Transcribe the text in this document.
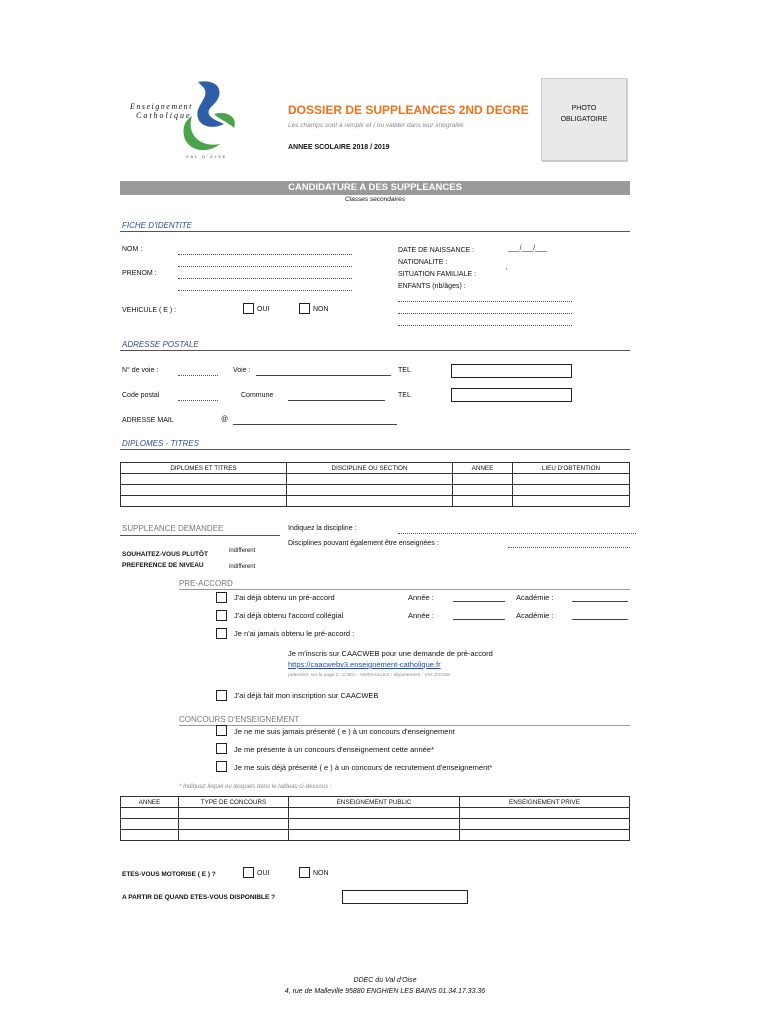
Enseignement
Catholique
VAL D'OISE
DOSSIER DE SUPPLEANCES 2ND DEGRE
Les champs sont à remplir et / ou valider dans leur intégralité
ANNEE SCOLAIRE 2018 / 2019
PHOTO
OBLIGATOIRE
CANDIDATURE A DES SUPPLEANCES
Classes secondaires
FICHE D'IDENTITE
NOM :
PRENOM :
DATE DE NAISSANCE :	___/___/___
NATIONALITE :
SITUATION FAMILIALE :	'
ENFANTS (nb/âges) :
VEHICULE ( E ) :	OUI	NON
ADRESSE POSTALE
N° de voie :	Voie :	TEL
Code postal	Commune	TEL
ADRESSE MAIL	@
DIPLOMES - TITRES
DIPLOMES ET TITRES	DISCIPLINE OU SECTION	ANNEE	LIEU D'OBTENTION

SUPPLEANCE DEMANDEE	Indiquez la discipline :
Disciplines pouvant également être enseignées :
SOUHAITEZ-VOUS PLUTÔT
PREFERENCE DE NIVEAU
indifferent
indifferent
PRE-ACCORD
J'ai déjà obtenu un pré-accord	Année :	Académie :
J'ai déjà obtenu l'accord collégial	Année :	Académie :
Je n'ai jamais obtenu le pré-accord :
Je m'inscris sur CAACWEB pour une demande de pré-accord
https://caacwebv3.enseignement-catholique.fr
(attention: sur la page 2 : CAEC - VERSAILLES / département : VAL D'OISE
J'ai déjà fait mon inscription sur CAACWEB
CONCOURS D'ENSEIGNEMENT
Je ne me suis jamais présenté ( e ) à un concours d'enseignement
Je me présente à un concours d'enseignement cette année*
Je me suis déjà présenté ( e ) à un concours de recrutement d'enseignement*
* Indiquez lequel ou lesquels dans le tableau ci-dessous :
ANNEE	TYPE DE CONCOURS	ENSEIGNEMENT PUBLIC	ENSEIGNEMENT PRIVE

ETES-VOUS MOTORISE ( E ) ?	OUI	NON
A PARTIR DE QUAND ETES-VOUS DISPONIBLE ?
DDEC du Val d'Oise
4, rue de Malleville 95880 ENGHIEN LES BAINS 01.34.17.33.36
